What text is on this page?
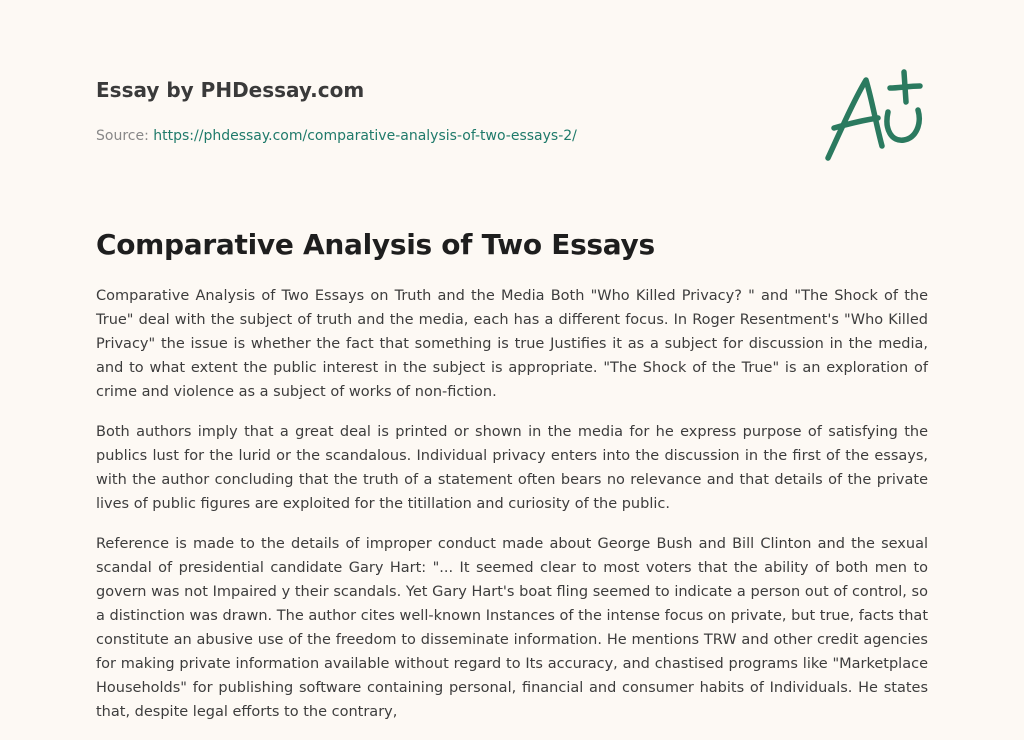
Essay by PHDessay.com
Source: https://phdessay.com/comparative-analysis-of-two-essays-2/
Comparative Analysis of Two Essays

Comparative Analysis of Two Essays on Truth and the Media Both "Who Killed Privacy? " and "The Shock of the True" deal with the subject of truth and the media, each has a different focus. In Roger Resentment's "Who Killed Privacy" the issue is whether the fact that something is true Justifies it as a subject for discussion in the media, and to what extent the public interest in the subject is appropriate. "The Shock of the True" is an exploration of crime and violence as a subject of works of non-fiction.

Both authors imply that a great deal is printed or shown in the media for he express purpose of satisfying the publics lust for the lurid or the scandalous. Individual privacy enters into the discussion in the first of the essays, with the author concluding that the truth of a statement often bears no relevance and that details of the private lives of public figures are exploited for the titillation and curiosity of the public.

Reference is made to the details of improper conduct made about George Bush and Bill Clinton and the sexual scandal of presidential candidate Gary Hart: "... It seemed clear to most voters that the ability of both men to govern was not Impaired y their scandals. Yet Gary Hart's boat fling seemed to indicate a person out of control, so a distinction was drawn. The author cites well-known Instances of the intense focus on private, but true, facts that constitute an abusive use of the freedom to disseminate information. He mentions TRW and other credit agencies for making private information available without regard to Its accuracy, and chastised programs like "Marketplace Households" for publishing software containing personal, financial and consumer habits of Individuals. He states that, despite legal efforts to the contrary,
